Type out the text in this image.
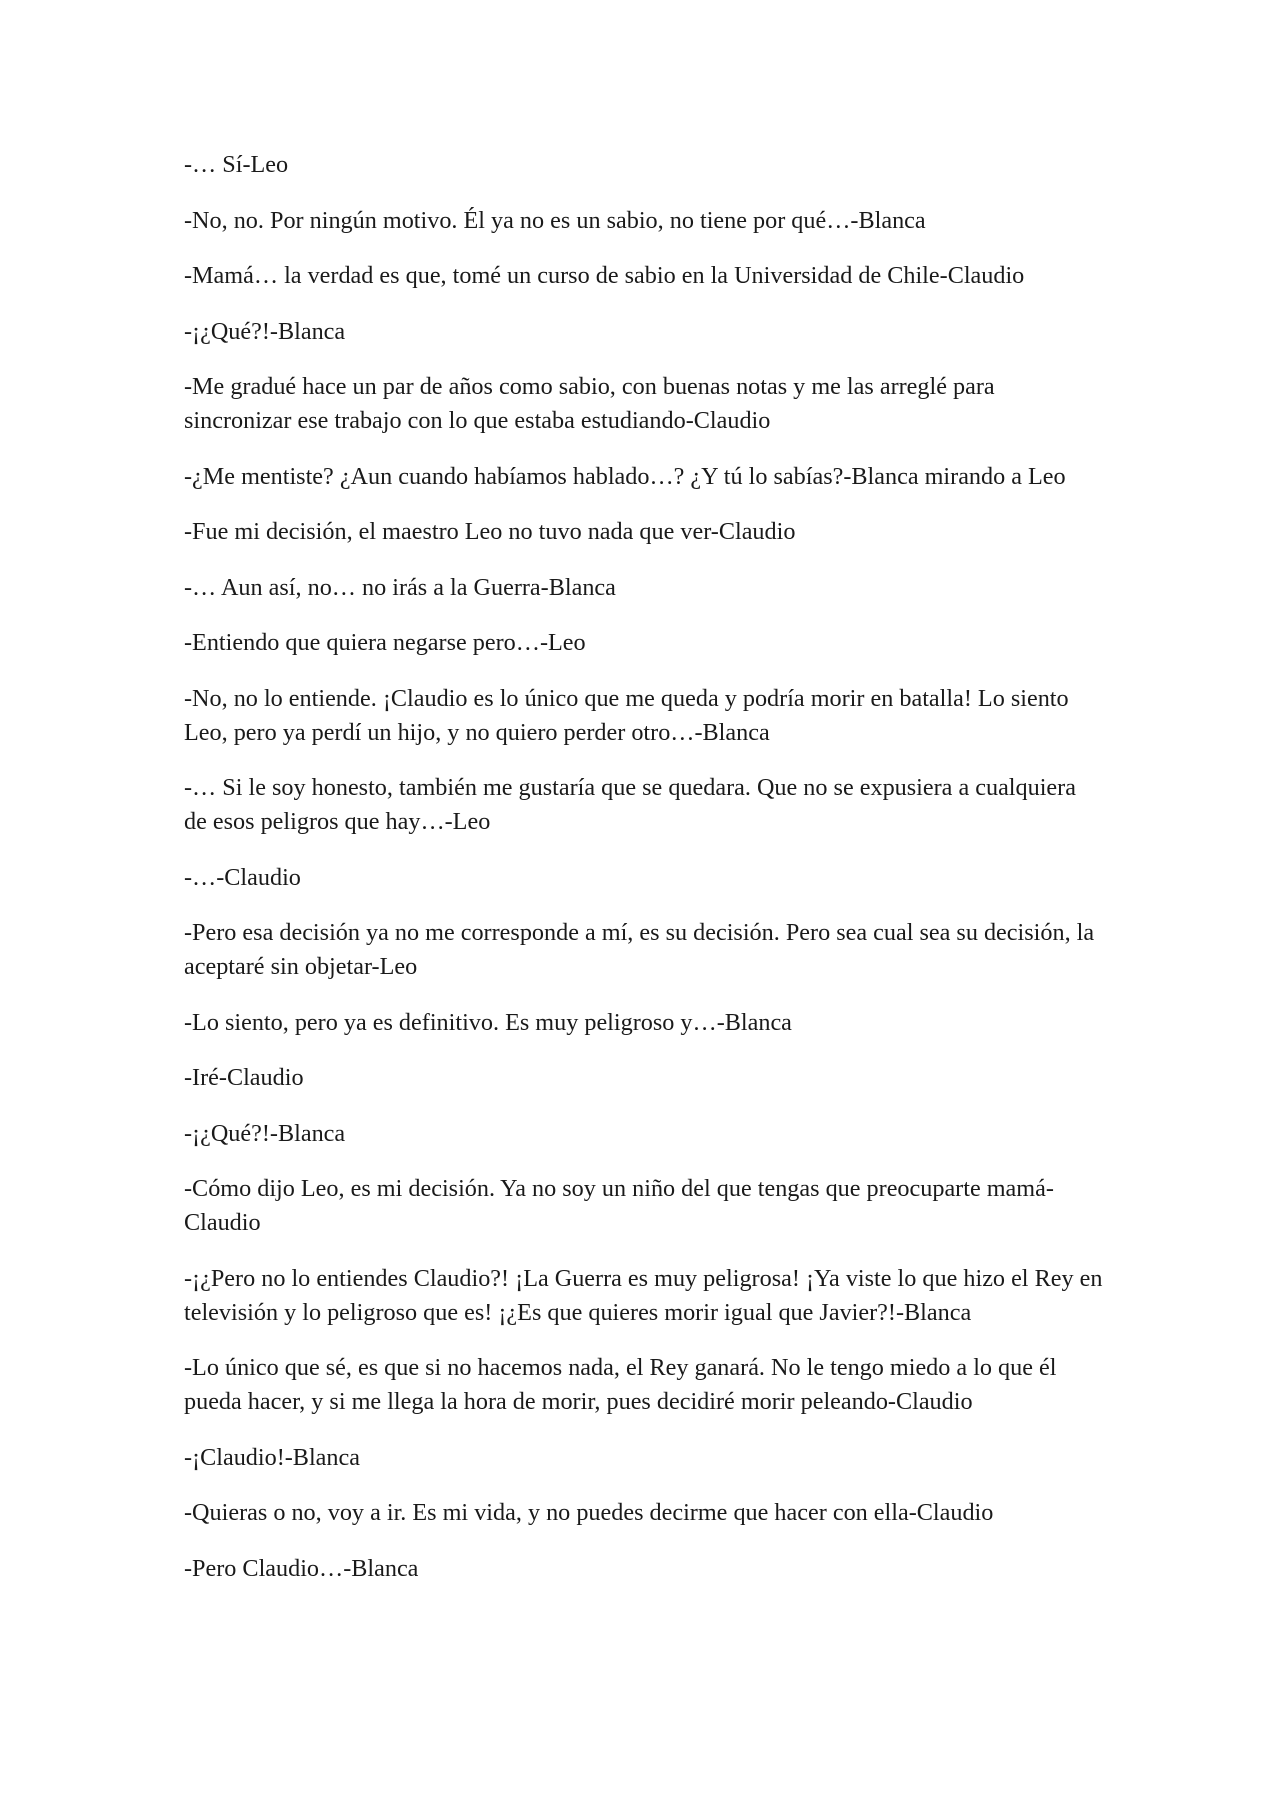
-… Sí-Leo

-No, no. Por ningún motivo. Él ya no es un sabio, no tiene por qué…-Blanca

-Mamá… la verdad es que, tomé un curso de sabio en la Universidad de Chile-Claudio

-¡¿Qué?!-Blanca

-Me gradué hace un par de años como sabio, con buenas notas y me las arreglé para sincronizar ese trabajo con lo que estaba estudiando-Claudio

-¿Me mentiste? ¿Aun cuando habíamos hablado…? ¿Y tú lo sabías?-Blanca mirando a Leo

-Fue mi decisión, el maestro Leo no tuvo nada que ver-Claudio

-… Aun así, no… no irás a la Guerra-Blanca

-Entiendo que quiera negarse pero…-Leo

-No, no lo entiende. ¡Claudio es lo único que me queda y podría morir en batalla! Lo siento Leo, pero ya perdí un hijo, y no quiero perder otro…-Blanca

-… Si le soy honesto, también me gustaría que se quedara. Que no se expusiera a cualquiera de esos peligros que hay…-Leo

-…-Claudio

-Pero esa decisión ya no me corresponde a mí, es su decisión. Pero sea cual sea su decisión, la aceptaré sin objetar-Leo

-Lo siento, pero ya es definitivo. Es muy peligroso y…-Blanca

-Iré-Claudio

-¡¿Qué?!-Blanca

-Cómo dijo Leo, es mi decisión. Ya no soy un niño del que tengas que preocuparte mamá-Claudio

-¡¿Pero no lo entiendes Claudio?! ¡La Guerra es muy peligrosa! ¡Ya viste lo que hizo el Rey en televisión y lo peligroso que es! ¡¿Es que quieres morir igual que Javier?!-Blanca

-Lo único que sé, es que si no hacemos nada, el Rey ganará. No le tengo miedo a lo que él pueda hacer, y si me llega la hora de morir, pues decidiré morir peleando-Claudio

-¡Claudio!-Blanca

-Quieras o no, voy a ir. Es mi vida, y no puedes decirme que hacer con ella-Claudio

-Pero Claudio…-Blanca
